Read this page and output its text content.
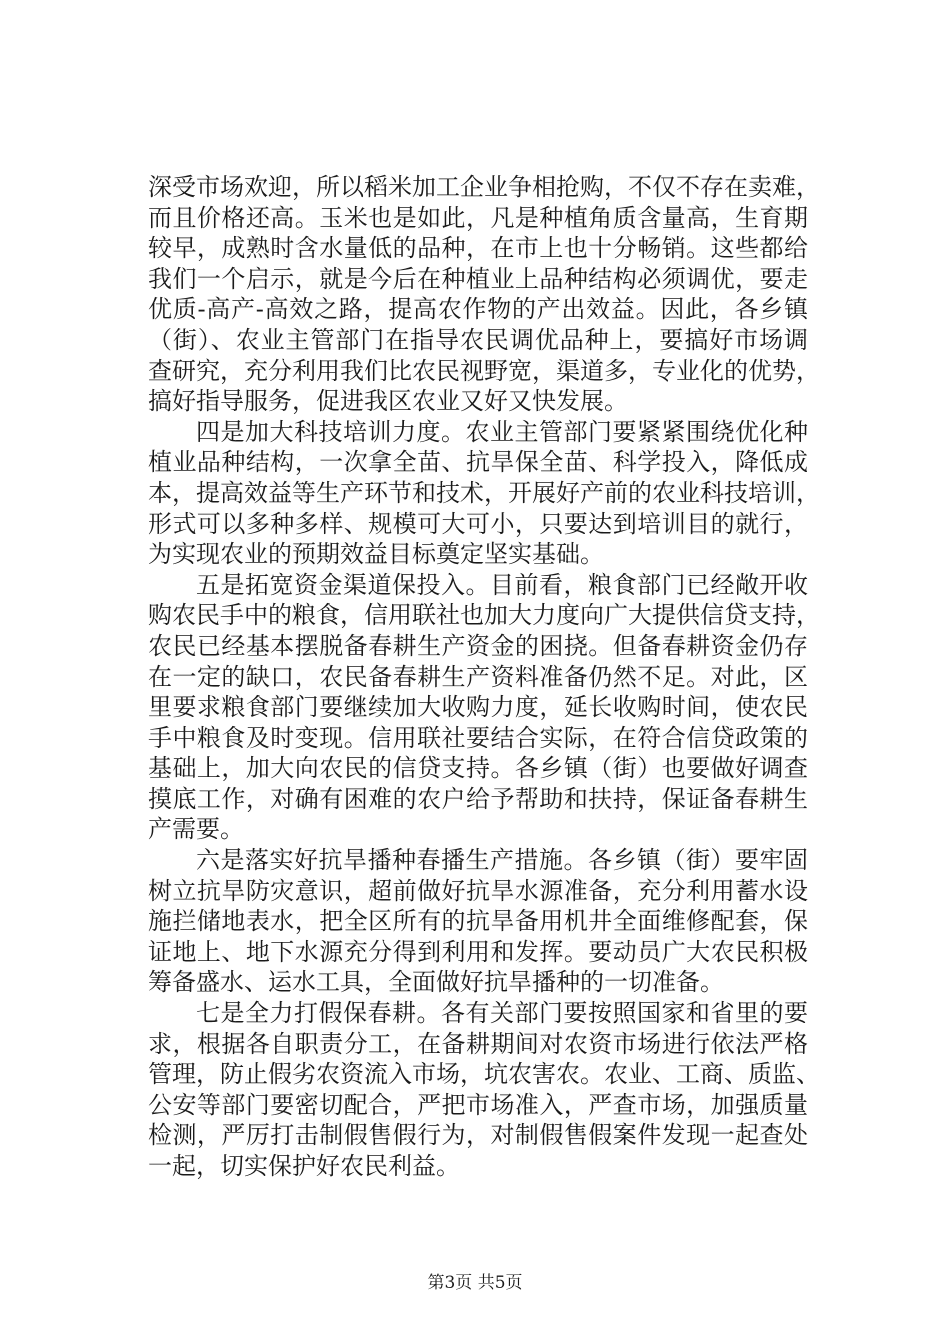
深受市场欢迎，所以稻米加工企业争相抢购，不仅不存在卖难，
而且价格还高。玉米也是如此，凡是种植角质含量高，生育期
较早，成熟时含水量低的品种，在市上也十分畅销。这些都给
我们一个启示，就是今后在种植业上品种结构必须调优，要走
优质-高产-高效之路，提高农作物的产出效益。因此，各乡镇
（街）、农业主管部门在指导农民调优品种上，要搞好市场调
查研究，充分利用我们比农民视野宽，渠道多，专业化的优势，
搞好指导服务，促进我区农业又好又快发展。
四是加大科技培训力度。农业主管部门要紧紧围绕优化种
植业品种结构，一次拿全苗、抗旱保全苗、科学投入，降低成
本，提高效益等生产环节和技术，开展好产前的农业科技培训，
形式可以多种多样、规模可大可小，只要达到培训目的就行，
为实现农业的预期效益目标奠定坚实基础。
五是拓宽资金渠道保投入。目前看，粮食部门已经敞开收
购农民手中的粮食，信用联社也加大力度向广大提供信贷支持，
农民已经基本摆脱备春耕生产资金的困挠。但备春耕资金仍存
在一定的缺口，农民备春耕生产资料准备仍然不足。对此，区
里要求粮食部门要继续加大收购力度，延长收购时间，使农民
手中粮食及时变现。信用联社要结合实际，在符合信贷政策的
基础上，加大向农民的信贷支持。各乡镇（街）也要做好调查
摸底工作，对确有困难的农户给予帮助和扶持，保证备春耕生
产需要。
六是落实好抗旱播种春播生产措施。各乡镇（街）要牢固
树立抗旱防灾意识，超前做好抗旱水源准备，充分利用蓄水设
施拦储地表水，把全区所有的抗旱备用机井全面维修配套，保
证地上、地下水源充分得到利用和发挥。要动员广大农民积极
筹备盛水、运水工具，全面做好抗旱播种的一切准备。
七是全力打假保春耕。各有关部门要按照国家和省里的要
求，根据各自职责分工，在备耕期间对农资市场进行依法严格
管理，防止假劣农资流入市场，坑农害农。农业、工商、质监、
公安等部门要密切配合，严把市场准入，严查市场，加强质量
检测，严厉打击制假售假行为，对制假售假案件发现一起查处
一起，切实保护好农民利益。
第3页 共5页
